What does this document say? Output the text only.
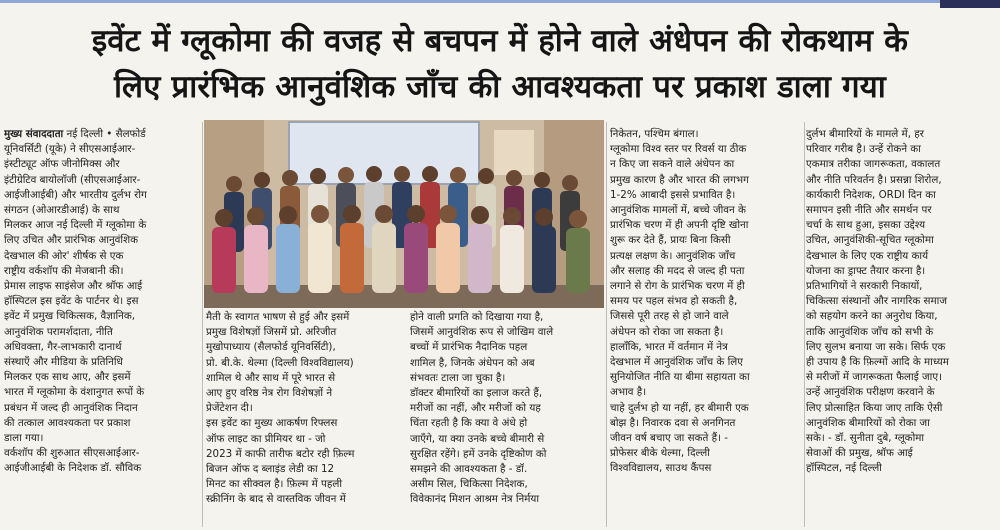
इवेंट में ग्लूकोमा की वजह से बचपन में होने वाले अंधेपन की रोकथाम के
लिए प्रारंभिक आनुवंशिक जाँच की आवश्यकता पर प्रकाश डाला गया
मुख्य संवाददाता नई दिल्ली • सैलफोर्ड
यूनिवर्सिटी (यूके) ने सीएसआईआर-
इंस्टीट्यूट ऑफ जीनोमिक्स और
इंटीग्रेटिव बायोलॉजी (सीएसआईआर-
आईजीआईबी) और भारतीय दुर्लभ रोग
संगठन (ओआरडीआई) के साथ
मिलकर आज नई दिल्ली में ग्लूकोमा के
लिए उचित और प्रारंभिक आनुवंशिक
देखभाल की ओर' शीर्षक से एक
राष्ट्रीय वर्कशॉप की मेजबानी की।
प्रेमास लाइफ साइंसेज और श्रॉफ आई
हॉस्पिटल इस इवेंट के पार्टनर थे। इस
इवेंट में प्रमुख चिकित्सक, वैज्ञानिक,
आनुवंशिक परामर्शदाता, नीति
अधिवक्ता, गैर-लाभकारी दानार्थ
संस्थाएँ और मीडिया के प्रतिनिधि
मिलकर एक साथ आए, और इसमें
भारत में ग्लूकोमा के वंशानुगत रूपों के
प्रबंधन में जल्द ही आनुवंशिक निदान
की तत्काल आवश्यकता पर प्रकाश
डाला गया।
वर्कशॉप की शुरुआत सीएसआईआर-
आईजीआईबी के निदेशक डॉ. सौविक
मैती के स्वागत भाषण से हुई और इसमें
प्रमुख विशेषज्ञों जिसमें प्रो. अरिजीत
मुखोपाध्याय (सैलफोर्ड यूनिवर्सिटी),
प्रो. बी.के. थेल्मा (दिल्ली विश्वविद्यालय)
शामिल थे और साथ में पूरे भारत से
आए हुए वरिष्ठ नेत्र रोग विशेषज्ञों ने
प्रेजेंटेशन दी।
इस इवेंट का मुख्य आकर्षण रिफ्लस
ऑफ लाइट का प्रीमियर था - जो
2023 में काफी तारीफ बटोर रही फ़िल्म
बिजन ऑफ द ब्लाइंड लेडी का 12
मिनट का सीक्वल है। फ़िल्म में पहली
स्क्रीनिंग के बाद से वास्तविक जीवन में
होने वाली प्रगति को दिखाया गया है,
जिसमें आनुवंशिक रूप से जोखिम वाले
बच्चों में प्रारंभिक नैदानिक पहल
शामिल है, जिनके अंधेपन को अब
संभवतः टाला जा चुका है।
डॉक्टर बीमारियों का इलाज करते हैं,
मरीजों का नहीं, और मरीजों को यह
चिंता रहती है कि क्या वे अंधे हो
जाएँगे, या क्या उनके बच्चे बीमारी से
सुरक्षित रहेंगे। हमें उनके दृष्टिकोण को
समझने की आवश्यकता है - डॉ.
असीम सिल, चिकित्सा निदेशक,
विवेकानंद मिशन आश्रम नेत्र निर्मया
निकेतन, पश्चिम बंगाल।
ग्लूकोमा विश्व स्तर पर रिवर्स या ठीक
न किए जा सकने वाले अंधेपन का
प्रमुख कारण है और भारत की लगभग
1-2% आबादी इससे प्रभावित है।
आनुवंशिक मामलों में, बच्चे जीवन के
प्रारंभिक चरण में ही अपनी दृष्टि खोना
शुरू कर देते हैं, प्रायः बिना किसी
प्रत्यक्ष लक्षण के। आनुवंशिक जाँच
और सलाह की मदद से जल्द ही पता
लगाने से रोग के प्रारंभिक चरण में ही
समय पर पहल संभव हो सकती है,
जिससे पूरी तरह से हो जाने वाले
अंधेपन को रोका जा सकता है।
हालाँकि, भारत में वर्तमान में नेत्र
देखभाल में आनुवंशिक जाँच के लिए
सुनियोजित नीति या बीमा सहायता का
अभाव है।
चाहे दुर्लभ हो या नहीं, हर बीमारी एक
बोझ है। निवारक दवा से अनगिनत
जीवन वर्ष बचाए जा सकते हैं। -
प्रोफेसर बीके थेल्मा, दिल्ली
विश्वविद्यालय, साउथ कैंपस
दुर्लभ बीमारियों के मामले में, हर
परिवार गरीब है। उन्हें रोकने का
एकमात्र तरीका जागरूकता, वकालत
और नीति परिवर्तन है। प्रसन्ना शिरोल,
कार्यकारी निदेशक, ORDI दिन का
समापन इसी नीति और समर्थन पर
चर्चा के साथ हुआ, इसका उद्देश्य
उचित, आनुवंशिकी-सूचित ग्लूकोमा
देखभाल के लिए एक राष्ट्रीय कार्य
योजना का ड्राफ्ट तैयार करना है।
प्रतिभागियों ने सरकारी निकायों,
चिकित्सा संस्थानों और नागरिक समाज
को सहयोग करने का अनुरोध किया,
ताकि आनुवंशिक जाँच को सभी के
लिए सुलभ बनाया जा सके। सिर्फ एक
ही उपाय है कि फ़िल्मों आदि के माध्यम
से मरीजों में जागरूकता फैलाई जाए।
उन्हें आनुवंशिक परीक्षण करवाने के
लिए प्रोत्साहित किया जाए ताकि ऐसी
आनुवंशिक बीमारियों को रोका जा
सके। - डॉ. सुनीता दुबे, ग्लूकोमा
सेवाओं की प्रमुख, श्रॉफ आई
हॉस्पिटल, नई दिल्ली
